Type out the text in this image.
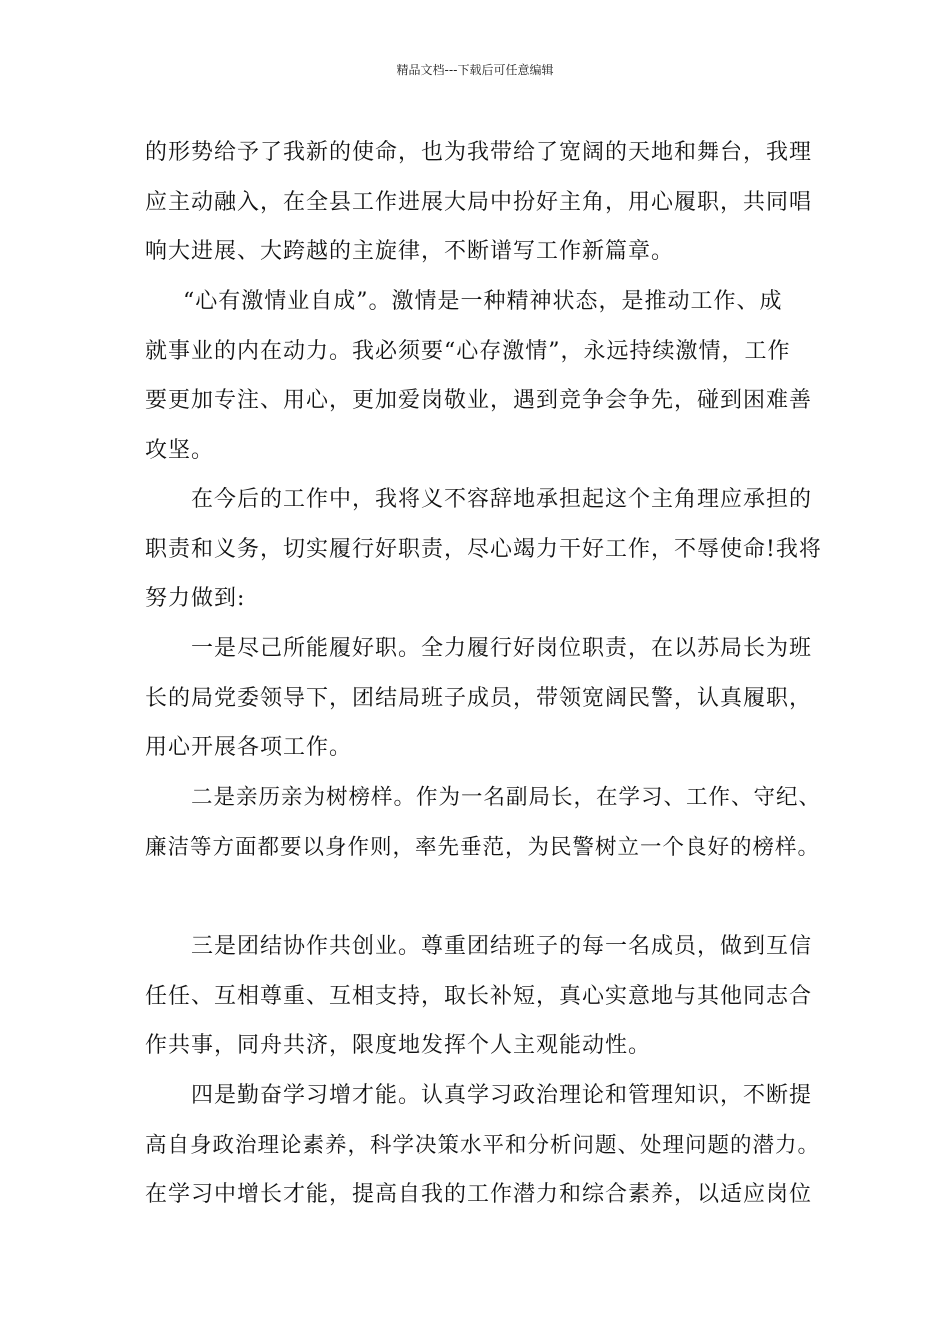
精品文档---下载后可任意编辑

的形势给予了我新的使命，也为我带给了宽阔的天地和舞台，我理
应主动融入，在全县工作进展大局中扮好主角，用心履职，共同唱
响大进展、大跨越的主旋律，不断谱写工作新篇章。

“心有激情业自成”。激情是一种精神状态，是推动工作、成
就事业的内在动力。我必须要“心存激情”，永远持续激情，工作
要更加专注、用心，更加爱岗敬业，遇到竞争会争先，碰到困难善
攻坚。

在今后的工作中，我将义不容辞地承担起这个主角理应承担的
职责和义务，切实履行好职责，尽心竭力干好工作，不辱使命!我将
努力做到:

一是尽己所能履好职。全力履行好岗位职责，在以苏局长为班
长的局党委领导下，团结局班子成员，带领宽阔民警，认真履职，
用心开展各项工作。

二是亲历亲为树榜样。作为一名副局长，在学习、工作、守纪、
廉洁等方面都要以身作则，率先垂范，为民警树立一个良好的榜样。

三是团结协作共创业。尊重团结班子的每一名成员，做到互信
任任、互相尊重、互相支持，取长补短，真心实意地与其他同志合
作共事，同舟共济，限度地发挥个人主观能动性。

四是勤奋学习增才能。认真学习政治理论和管理知识，不断提
高自身政治理论素养，科学决策水平和分析问题、处理问题的潜力。
在学习中增长才能，提高自我的工作潜力和综合素养，以适应岗位
